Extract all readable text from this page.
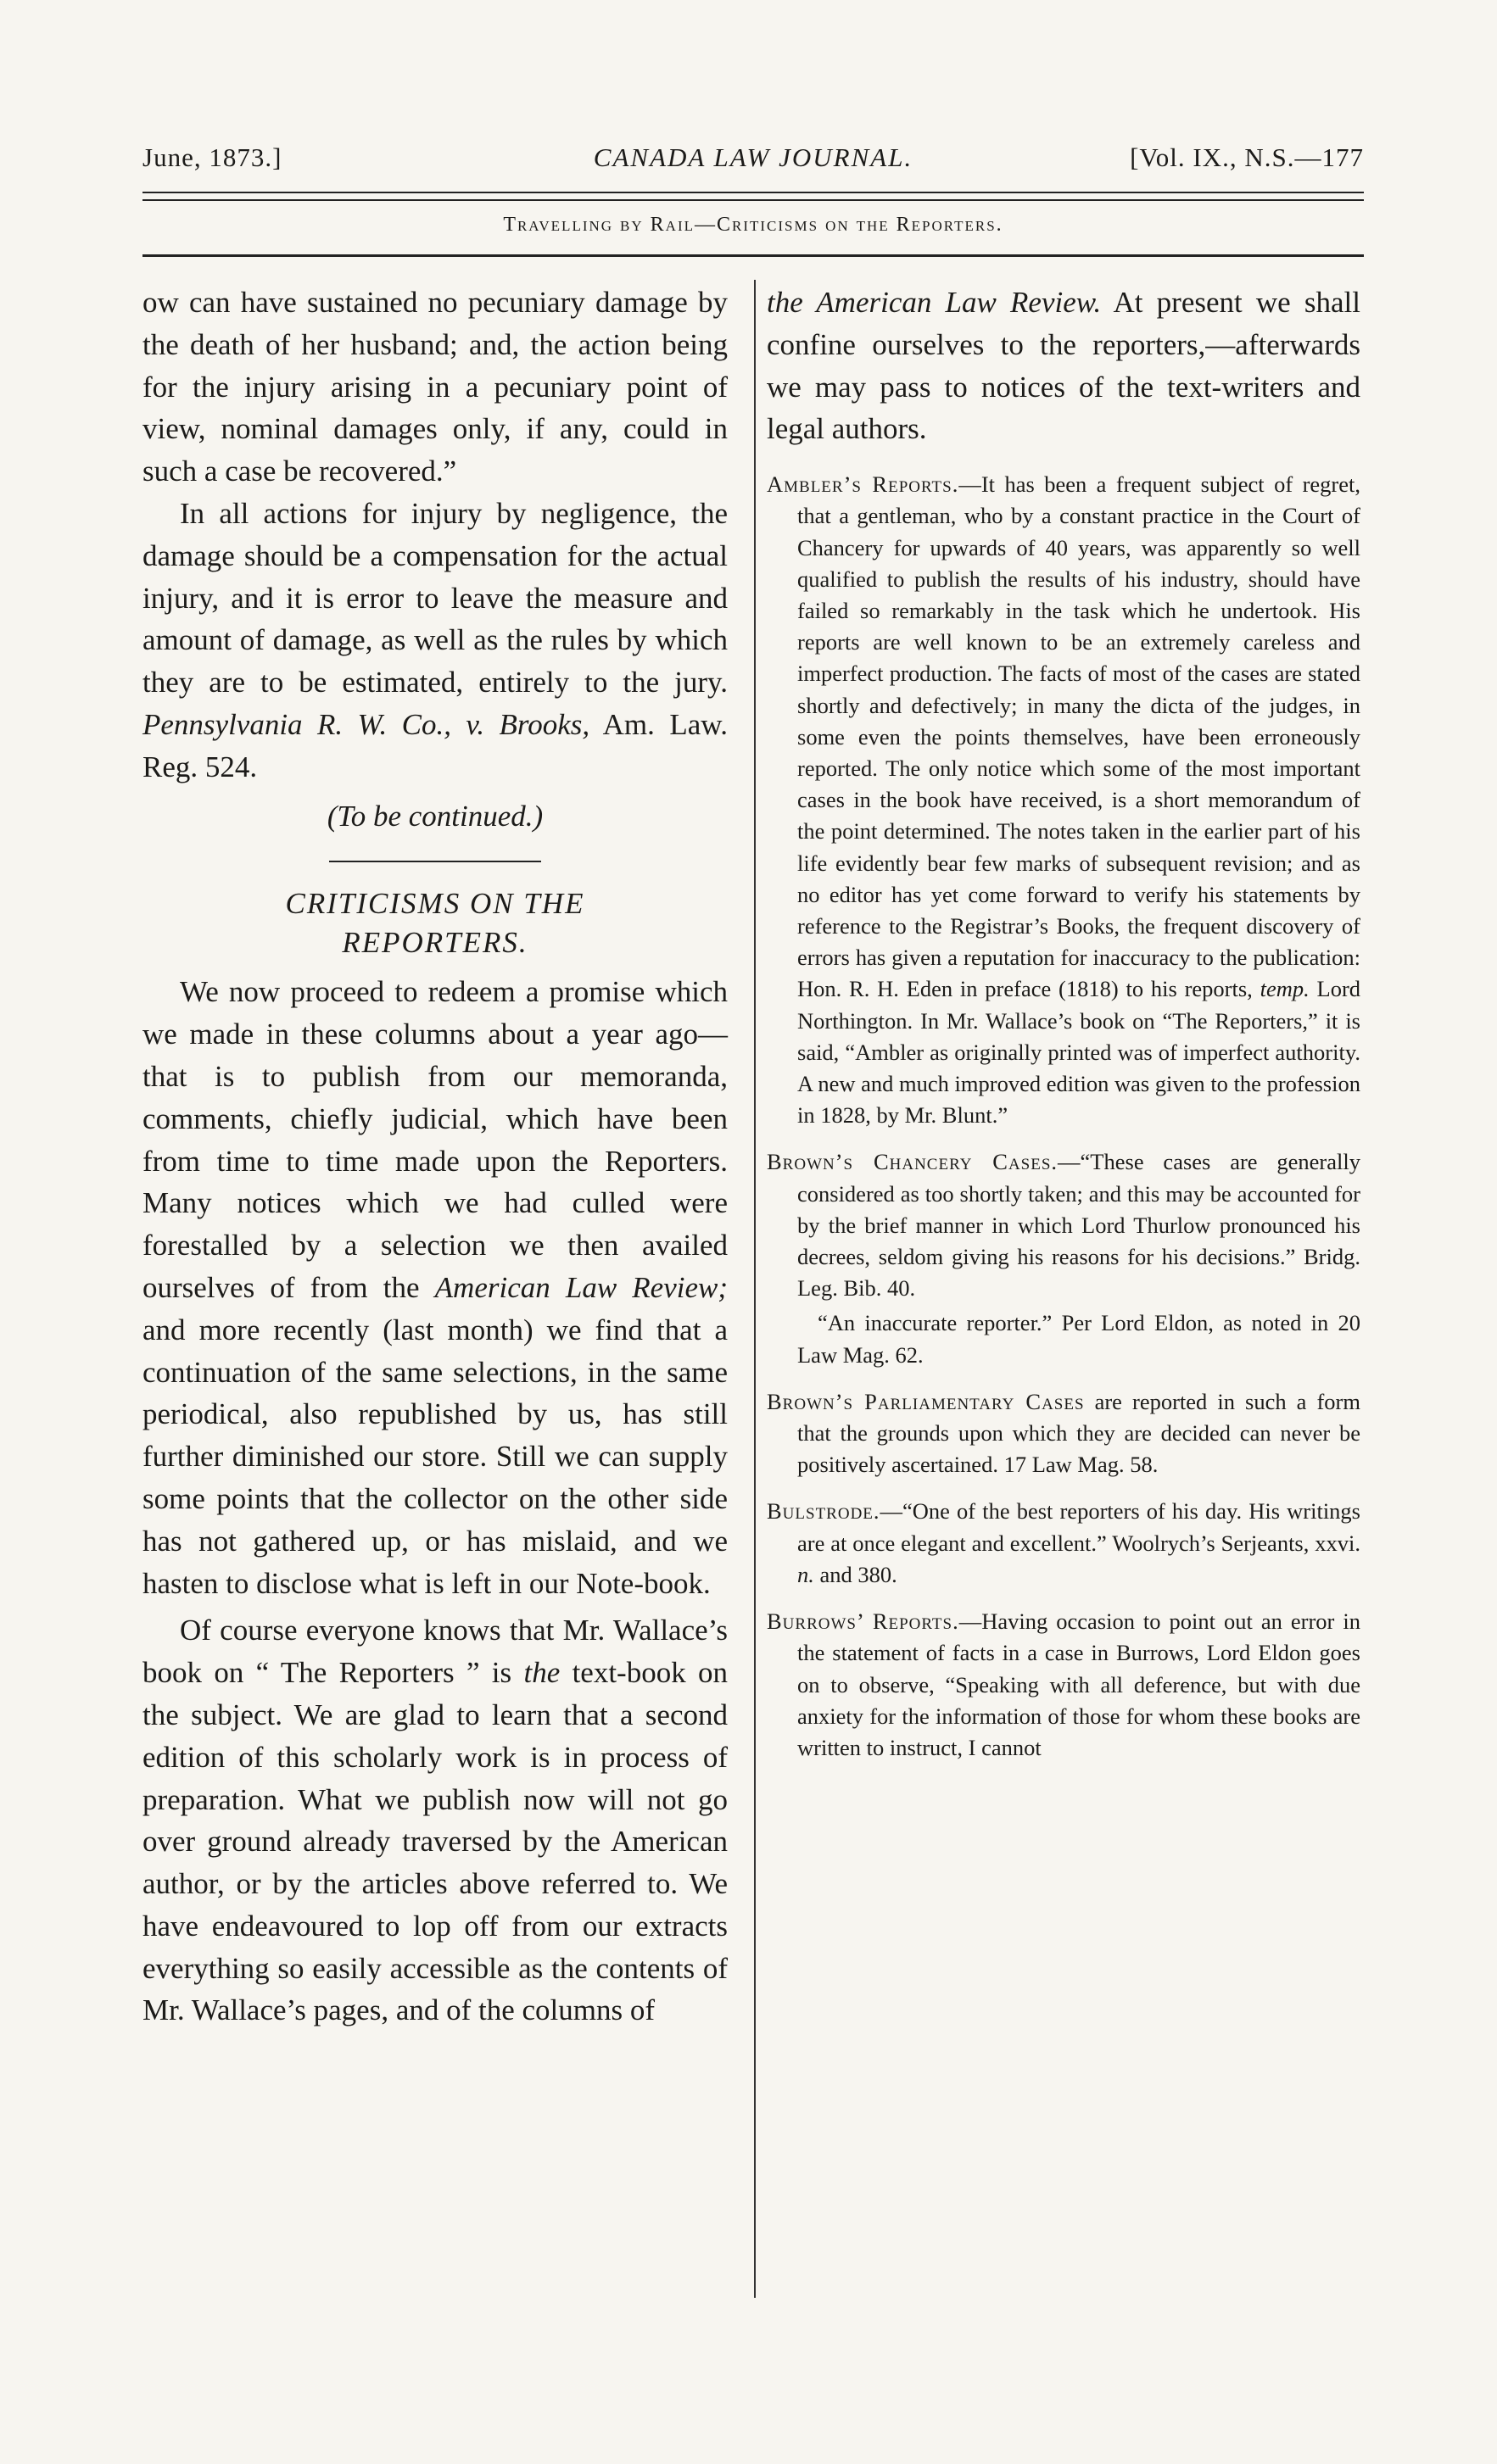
June, 1873.]	CANADA LAW JOURNAL.	[Vol. IX., N.S.—177
Travelling by Rail—Criticisms on the Reporters.

ow can have sustained no pecuniary damage by the death of her husband; and, the action being for the injury arising in a pecuniary point of view, nominal damages only, if any, could in such a case be recovered.”

In all actions for injury by negligence, the damage should be a compensation for the actual injury, and it is error to leave the measure and amount of damage, as well as the rules by which they are to be estimated, entirely to the jury. Pennsylvania R. W. Co., v. Brooks, Am. Law. Reg. 524.

(To be continued.)

CRITICISMS ON THE
REPORTERS.

We now proceed to redeem a promise which we made in these columns about a year ago—that is to publish from our memoranda, comments, chiefly judicial, which have been from time to time made upon the Reporters. Many notices which we had culled were forestalled by a selection we then availed ourselves of from the American Law Review; and more recently (last month) we find that a continuation of the same selections, in the same periodical, also republished by us, has still further diminished our store. Still we can supply some points that the collector on the other side has not gathered up, or has mislaid, and we hasten to disclose what is left in our Note-book.

Of course everyone knows that Mr. Wallace’s book on “ The Reporters ” is the text-book on the subject. We are glad to learn that a second edition of this scholarly work is in process of preparation. What we publish now will not go over ground already traversed by the American author, or by the articles above referred to. We have endeavoured to lop off from our extracts everything so easily accessible as the contents of Mr. Wallace’s pages, and of the columns of

the American Law Review. At present we shall confine ourselves to the reporters,—afterwards we may pass to notices of the text-writers and legal authors.

Ambler’s Reports.—It has been a frequent subject of regret, that a gentleman, who by a constant practice in the Court of Chancery for upwards of 40 years, was apparently so well qualified to publish the results of his industry, should have failed so remarkably in the task which he undertook. His reports are well known to be an extremely careless and imperfect production. The facts of most of the cases are stated shortly and defectively; in many the dicta of the judges, in some even the points themselves, have been erroneously reported. The only notice which some of the most important cases in the book have received, is a short memorandum of the point determined. The notes taken in the earlier part of his life evidently bear few marks of subsequent revision; and as no editor has yet come forward to verify his statements by reference to the Registrar’s Books, the frequent discovery of errors has given a reputation for inaccuracy to the publication: Hon. R. H. Eden in preface (1818) to his reports, temp. Lord Northington. In Mr. Wallace’s book on “The Reporters,” it is said, “Ambler as originally printed was of imperfect authority. A new and much improved edition was given to the profession in 1828, by Mr. Blunt.”

Brown’s Chancery Cases.—“These cases are generally considered as too shortly taken; and this may be accounted for by the brief manner in which Lord Thurlow pronounced his decrees, seldom giving his reasons for his decisions.” Bridg. Leg. Bib. 40.

“An inaccurate reporter.” Per Lord Eldon, as noted in 20 Law Mag. 62.

Brown’s Parliamentary Cases are reported in such a form that the grounds upon which they are decided can never be positively ascertained. 17 Law Mag. 58.

Bulstrode.—“One of the best reporters of his day. His writings are at once elegant and excellent.” Woolrych’s Serjeants, xxvi. n. and 380.

Burrows’ Reports.—Having occasion to point out an error in the statement of facts in a case in Burrows, Lord Eldon goes on to observe, “Speaking with all deference, but with due anxiety for the information of those for whom these books are written to instruct, I cannot
